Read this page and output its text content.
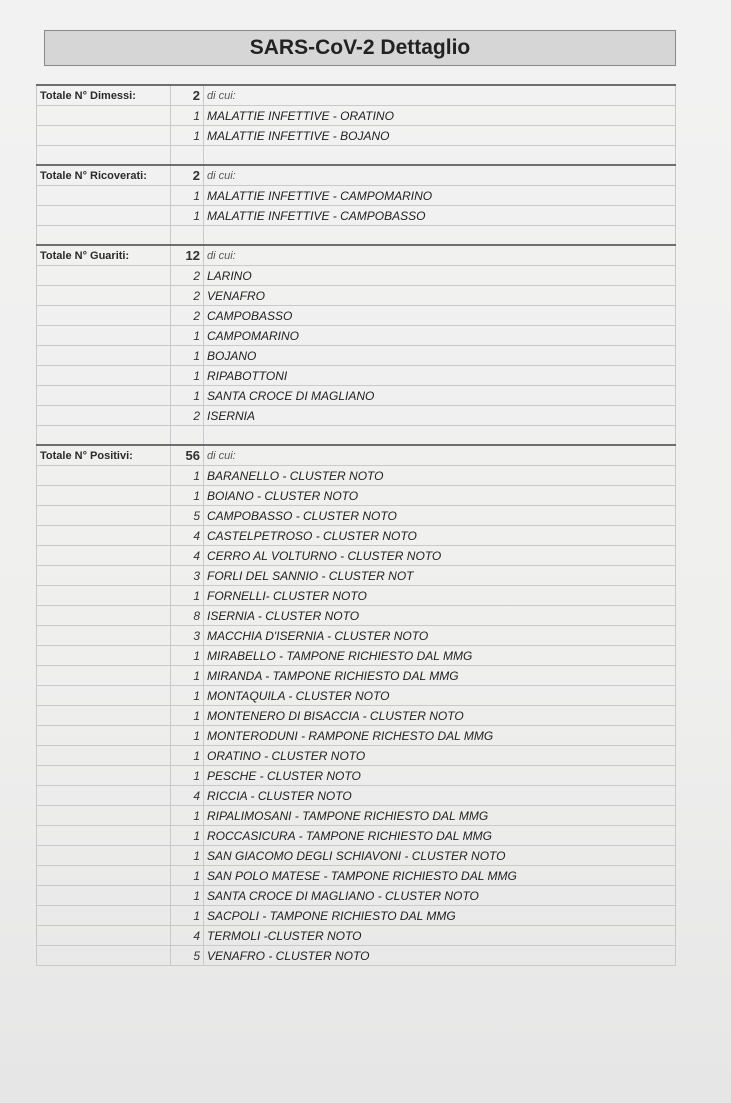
SARS-CoV-2 Dettaglio
Totale N° Dimessi:	2	di cui:
	1	MALATTIE INFETTIVE - ORATINO
	1	MALATTIE INFETTIVE - BOJANO

Totale N° Ricoverati:	2	di cui:
	1	MALATTIE INFETTIVE - CAMPOMARINO
	1	MALATTIE INFETTIVE - CAMPOBASSO

Totale N° Guariti:	12	di cui:
	2	LARINO
	2	VENAFRO
	2	CAMPOBASSO
	1	CAMPOMARINO
	1	BOJANO
	1	RIPABOTTONI
	1	SANTA CROCE DI MAGLIANO
	2	ISERNIA

Totale N° Positivi:	56	di cui:
	1	BARANELLO - CLUSTER NOTO
	1	BOIANO - CLUSTER NOTO
	5	CAMPOBASSO - CLUSTER NOTO
	4	CASTELPETROSO - CLUSTER NOTO
	4	CERRO AL VOLTURNO - CLUSTER NOTO
	3	FORLI DEL SANNIO - CLUSTER NOT
	1	FORNELLI- CLUSTER NOTO
	8	ISERNIA - CLUSTER NOTO
	3	MACCHIA D'ISERNIA - CLUSTER NOTO
	1	MIRABELLO - TAMPONE RICHIESTO DAL MMG
	1	MIRANDA - TAMPONE RICHIESTO DAL MMG
	1	MONTAQUILA - CLUSTER NOTO
	1	MONTENERO DI BISACCIA - CLUSTER NOTO
	1	MONTERODUNI - RAMPONE RICHESTO DAL MMG
	1	ORATINO - CLUSTER NOTO
	1	PESCHE - CLUSTER NOTO
	4	RICCIA - CLUSTER NOTO
	1	RIPALIMOSANI - TAMPONE RICHIESTO DAL MMG
	1	ROCCASICURA - TAMPONE RICHIESTO DAL MMG
	1	SAN GIACOMO DEGLI SCHIAVONI - CLUSTER NOTO
	1	SAN POLO MATESE - TAMPONE RICHIESTO DAL MMG
	1	SANTA CROCE DI MAGLIANO - CLUSTER NOTO
	1	SACPOLI - TAMPONE RICHIESTO DAL MMG
	4	TERMOLI -CLUSTER NOTO
	5	VENAFRO - CLUSTER NOTO
